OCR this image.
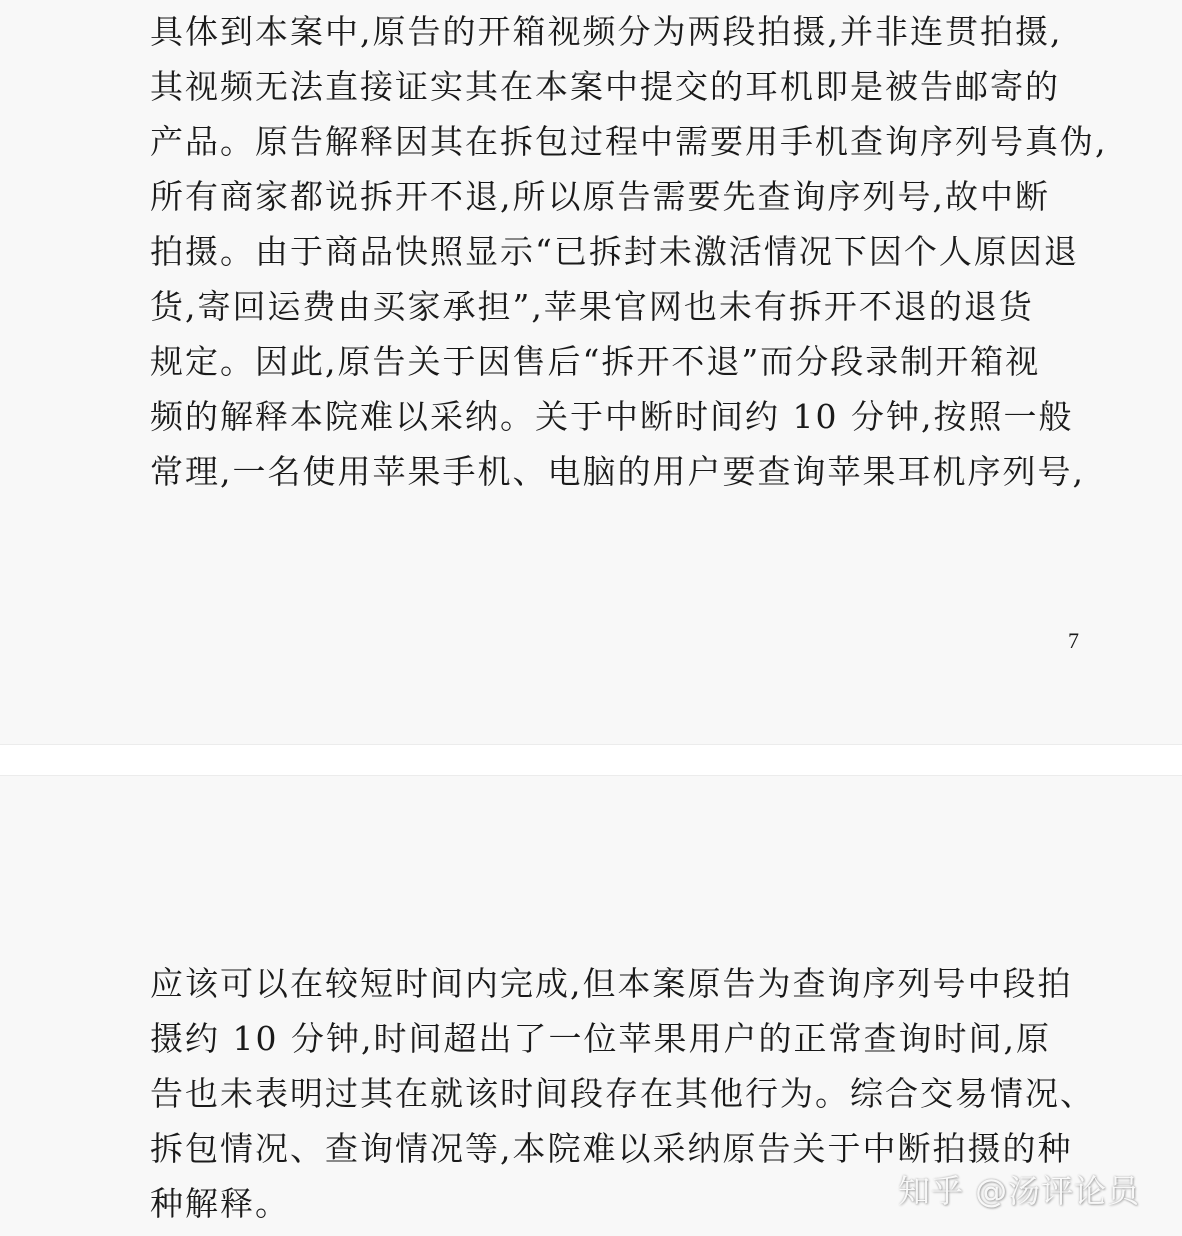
具体到本案中,原告的开箱视频分为两段拍摄,并非连贯拍摄,
其视频无法直接证实其在本案中提交的耳机即是被告邮寄的
产品。原告解释因其在拆包过程中需要用手机查询序列号真伪,
所有商家都说拆开不退,所以原告需要先查询序列号,故中断
拍摄。由于商品快照显示“已拆封未激活情况下因个人原因退
货,寄回运费由买家承担”,苹果官网也未有拆开不退的退货
规定。因此,原告关于因售后“拆开不退”而分段录制开箱视
频的解释本院难以采纳。关于中断时间约 10 分钟,按照一般
常理,一名使用苹果手机、电脑的用户要查询苹果耳机序列号,
7
应该可以在较短时间内完成,但本案原告为查询序列号中段拍
摄约 10 分钟,时间超出了一位苹果用户的正常查询时间,原
告也未表明过其在就该时间段存在其他行为。综合交易情况、
拆包情况、查询情况等,本院难以采纳原告关于中断拍摄的种
种解释。	知乎 @汤评论员
